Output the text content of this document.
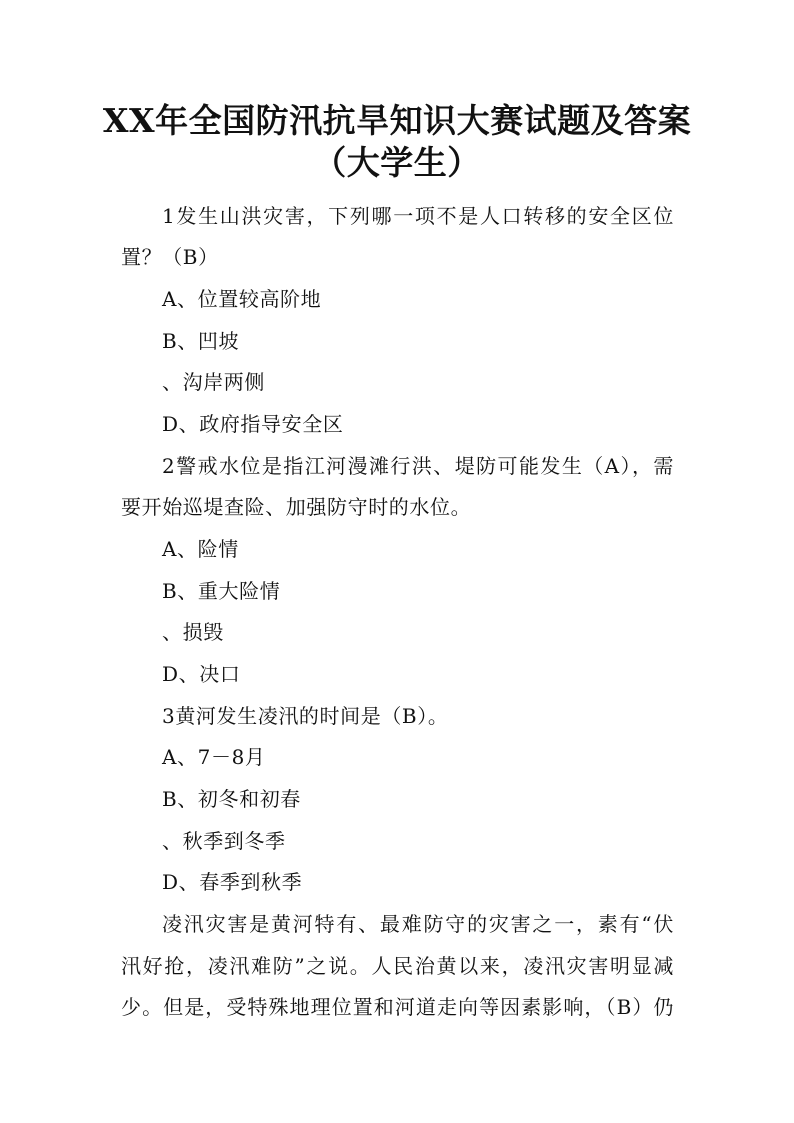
XX年全国防汛抗旱知识大赛试题及答案
（大学生）
1发生山洪灾害，下列哪一项不是人口转移的安全区位
置？（B）
A、位置较高阶地
B、凹坡
、沟岸两侧
D、政府指导安全区
2警戒水位是指江河漫滩行洪、堤防可能发生（A），需
要开始巡堤查险、加强防守时的水位。
A、险情
B、重大险情
、损毁
D、决口
3黄河发生凌汛的时间是（B）。
A、7－8月
B、初冬和初春
、秋季到冬季
D、春季到秋季
凌汛灾害是黄河特有、最难防守的灾害之一，素有“伏
汛好抢，凌汛难防”之说。人民治黄以来，凌汛灾害明显减
少。但是，受特殊地理位置和河道走向等因素影响，（B）仍
